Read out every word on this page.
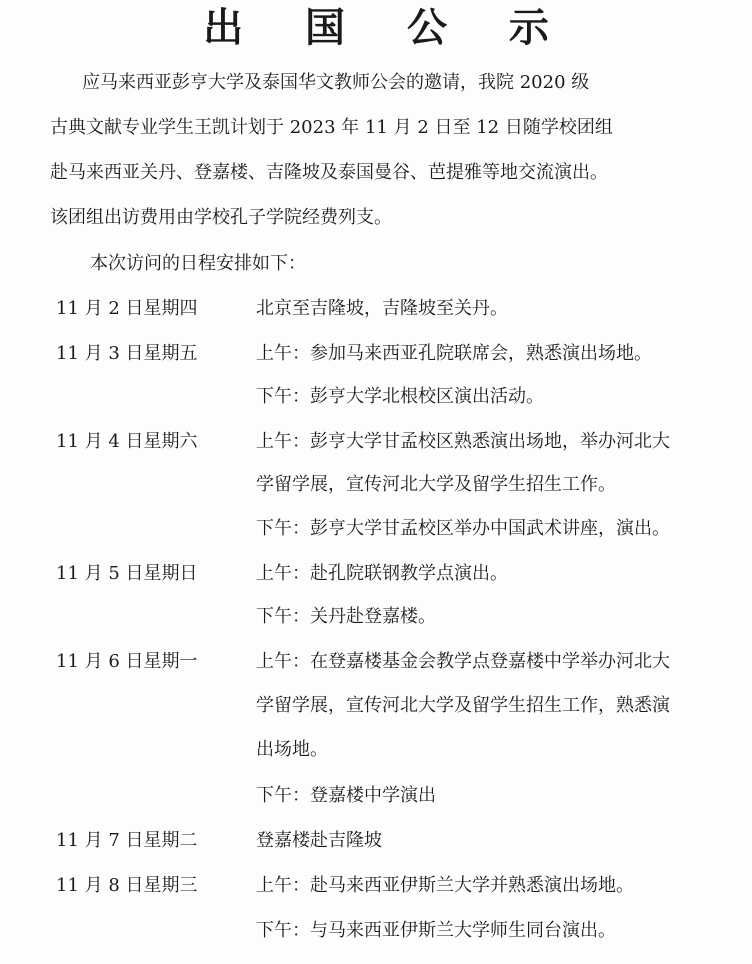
出 国 公 示
应马来西亚彭亨大学及泰国华文教师公会的邀请，我院 2020 级
古典文献专业学生王凯计划于 2023 年 11 月 2 日至 12 日随学校团组
赴马来西亚关丹、登嘉楼、吉隆坡及泰国曼谷、芭提雅等地交流演出。
该团组出访费用由学校孔子学院经费列支。
本次访问的日程安排如下：
11 月 2 日星期四	北京至吉隆坡，吉隆坡至关丹。
11 月 3 日星期五	上午：参加马来西亚孔院联席会，熟悉演出场地。
下午：彭亨大学北根校区演出活动。
11 月 4 日星期六	上午：彭亨大学甘孟校区熟悉演出场地，举办河北大
学留学展，宣传河北大学及留学生招生工作。
下午：彭亨大学甘孟校区举办中国武术讲座，演出。
11 月 5 日星期日	上午：赴孔院联钢教学点演出。
下午：关丹赴登嘉楼。
11 月 6 日星期一	上午：在登嘉楼基金会教学点登嘉楼中学举办河北大
学留学展，宣传河北大学及留学生招生工作，熟悉演
出场地。
下午：登嘉楼中学演出
11 月 7 日星期二	登嘉楼赴吉隆坡
11 月 8 日星期三	上午：赴马来西亚伊斯兰大学并熟悉演出场地。
下午：与马来西亚伊斯兰大学师生同台演出。
